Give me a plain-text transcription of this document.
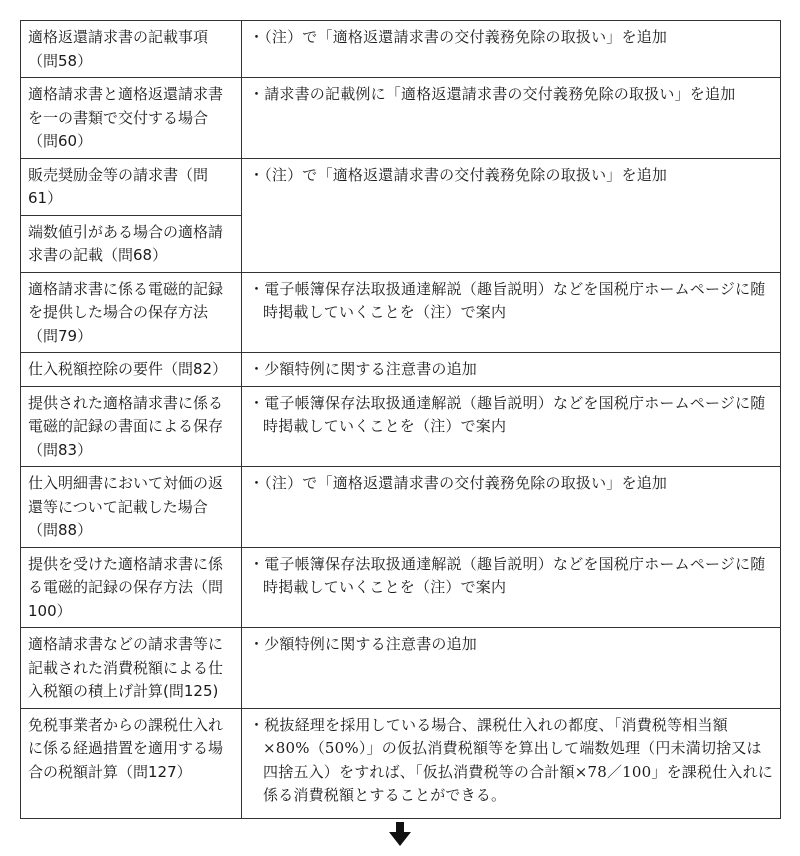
適格返還請求書の記載事項（問58）	・（注）で「適格返還請求書の交付義務免除の取扱い」を追加

適格請求書と適格返還請求書を一の書類で交付する場合（問60）	・請求書の記載例に「適格返還請求書の交付義務免除の取扱い」を追加

販売奨励金等の請求書（問61）	・（注）で「適格返還請求書の交付義務免除の取扱い」を追加

端数値引がある場合の適格請求書の記載（問68）	
適格請求書に係る電磁的記録を提供した場合の保存方法（問79）	・電子帳簿保存法取扱通達解説（趣旨説明）などを国税庁ホームページに随時掲載していくことを（注）で案内

仕入税額控除の要件（問82）	・少額特例に関する注意書の追加

提供された適格請求書に係る電磁的記録の書面による保存（問83）	・電子帳簿保存法取扱通達解説（趣旨説明）などを国税庁ホームページに随時掲載していくことを（注）で案内

仕入明細書において対価の返還等について記載した場合（問88）	・（注）で「適格返還請求書の交付義務免除の取扱い」を追加

提供を受けた適格請求書に係る電磁的記録の保存方法（問100）	・電子帳簿保存法取扱通達解説（趣旨説明）などを国税庁ホームページに随時掲載していくことを（注）で案内

適格請求書などの請求書等に記載された消費税額による仕入税額の積上げ計算(問125)	・少額特例に関する注意書の追加

免税事業者からの課税仕入れに係る経過措置を適用する場合の税額計算（問127）	・税抜経理を採用している場合、課税仕入れの都度、「消費税等相当額×80%（50%）」の仮払消費税額等を算出して端数処理（円未満切捨又は四捨五入）をすれば、「仮払消費税等の合計額×78／100」を課税仕入れに係る消費税額とすることができる。
